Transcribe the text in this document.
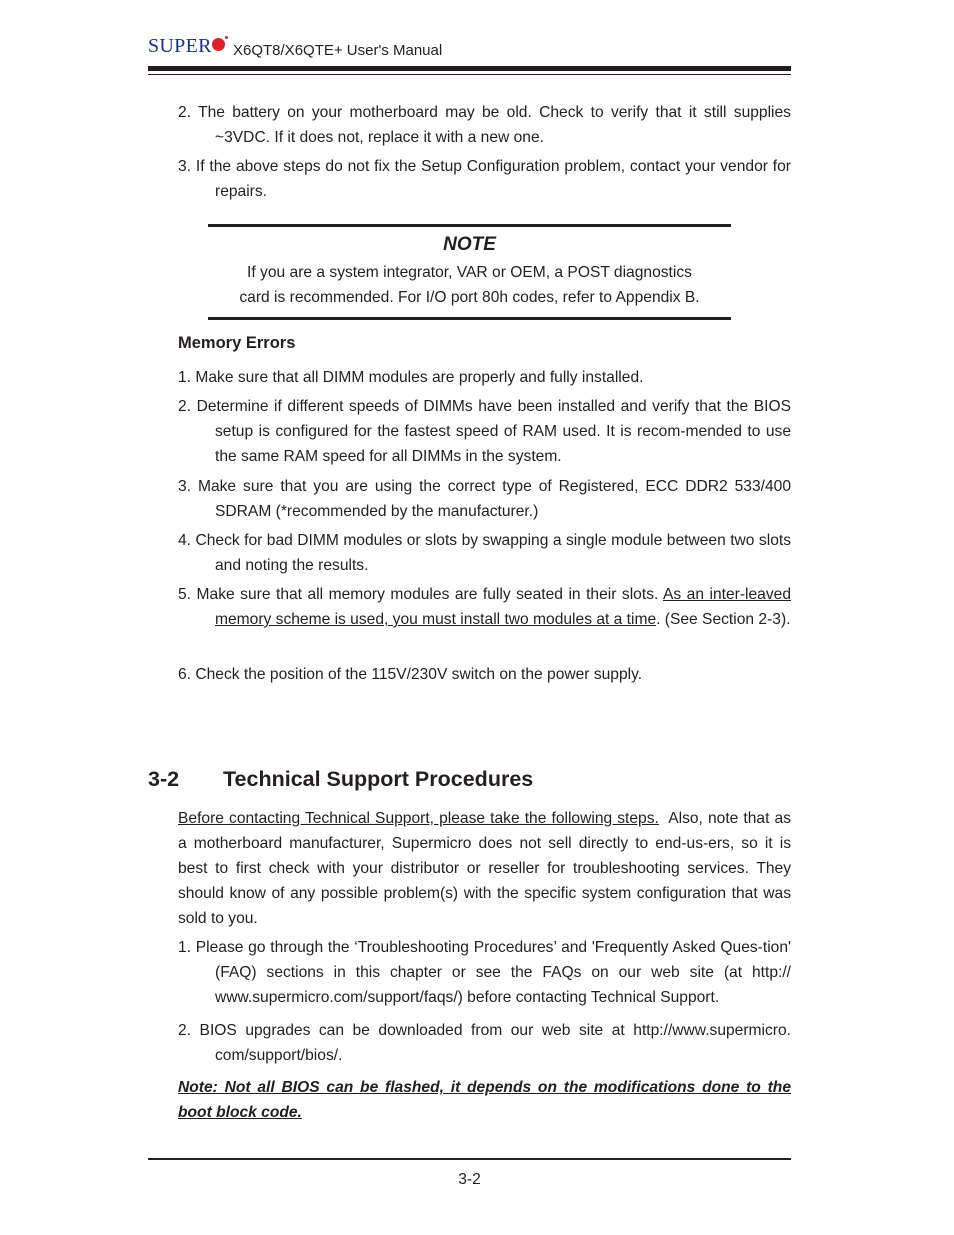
SUPER X6QT8/X6QTE+ User's Manual
2. The battery on your motherboard may be old. Check to verify that it still supplies ~3VDC. If it does not, replace it with a new one.
3. If the above steps do not fix the Setup Configuration problem, contact your vendor for repairs.
NOTE
If you are a system integrator, VAR or OEM, a POST diagnostics
card is recommended. For I/O port 80h codes, refer to Appendix B.
Memory Errors
1. Make sure that all DIMM modules are properly and fully installed.
2. Determine if different speeds of DIMMs have been installed and verify that the BIOS setup is configured for the fastest speed of RAM used. It is recom-mended to use the same RAM speed for all DIMMs in the system.
3. Make sure that you are using the correct type of Registered, ECC DDR2 533/400 SDRAM (*recommended by the manufacturer.)
4. Check for bad DIMM modules or slots by swapping a single module between two slots and noting the results.
5. Make sure that all memory modules are fully seated in their slots. As an inter-leaved memory scheme is used, you must install two modules at a time. (See Section 2-3).
6. Check the position of the 115V/230V switch on the power supply.
3-2 Technical Support Procedures
Before contacting Technical Support, please take the following steps. Also, note that as a motherboard manufacturer, Supermicro does not sell directly to end-us-ers, so it is best to first check with your distributor or reseller for troubleshooting services. They should know of any possible problem(s) with the specific system configuration that was sold to you.
1. Please go through the ‘Troubleshooting Procedures’ and 'Frequently Asked Ques-tion' (FAQ) sections in this chapter or see the FAQs on our web site (at http:// www.supermicro.com/support/faqs/) before contacting Technical Support.
2. BIOS upgrades can be downloaded from our web site at http://www.supermicro. com/support/bios/.
Note: Not all BIOS can be flashed, it depends on the modifications done to the boot block code.
3-2
